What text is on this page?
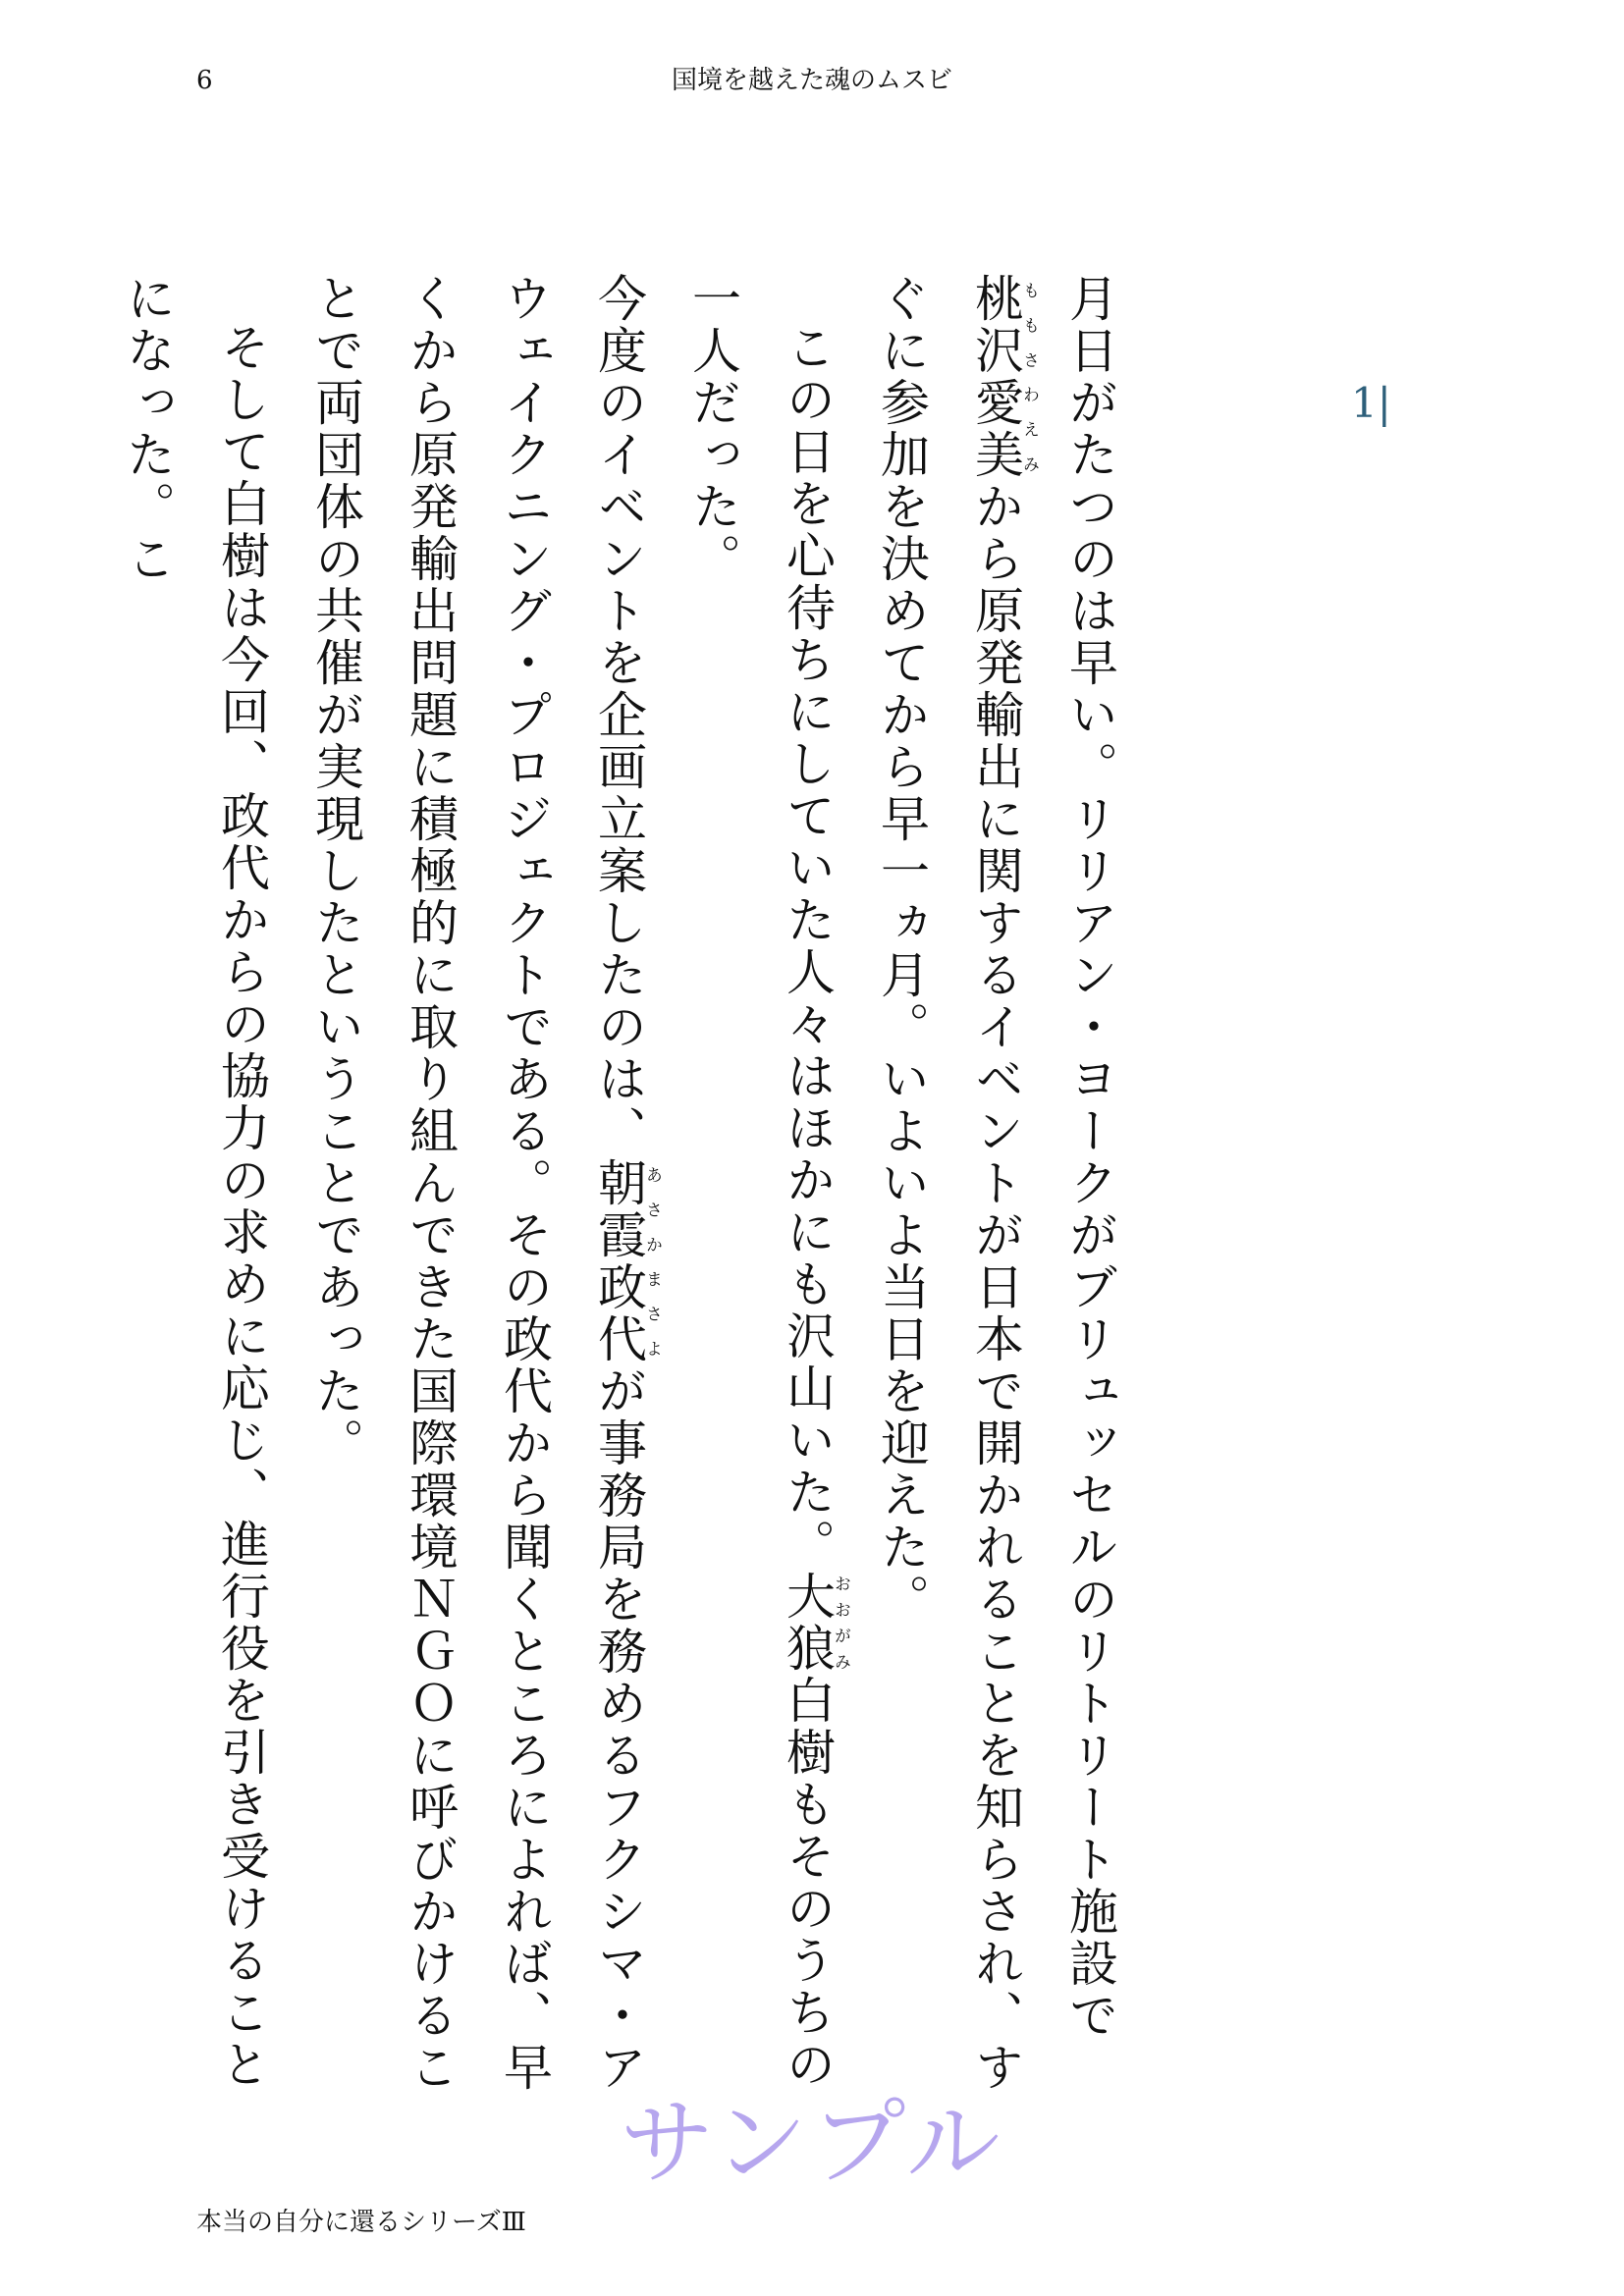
6	国境を越えた魂のムスビ
1|

月日がたつのは早い。リリアン・ヨークがブリュッセルのリトリート施設で桃沢愛美ももさわえみから原発輸出に関するイベントが日本で開かれることを知らされ、すぐに参加を決めてから早一ヵ月。いよいよ当日を迎えた。

この日を心待ちにしていた人々はほかにも沢山いた。大狼おおがみ白樹もそのうちの一人だった。

今度のイベントを企画立案したのは、朝霞政代あさかまさよが事務局を務めるフクシマ・アウェイクニング・プロジェクトである。その政代から聞くところによれば、早くから原発輸出問題に積極的に取り組んできた国際環境ＮＧＯに呼びかけることで両団体の共催が実現したということであった。

そして白樹は今回、政代からの協力の求めに応じ、進行役を引き受けることになった。こ

サンプル
本当の自分に還るシリーズⅢ
